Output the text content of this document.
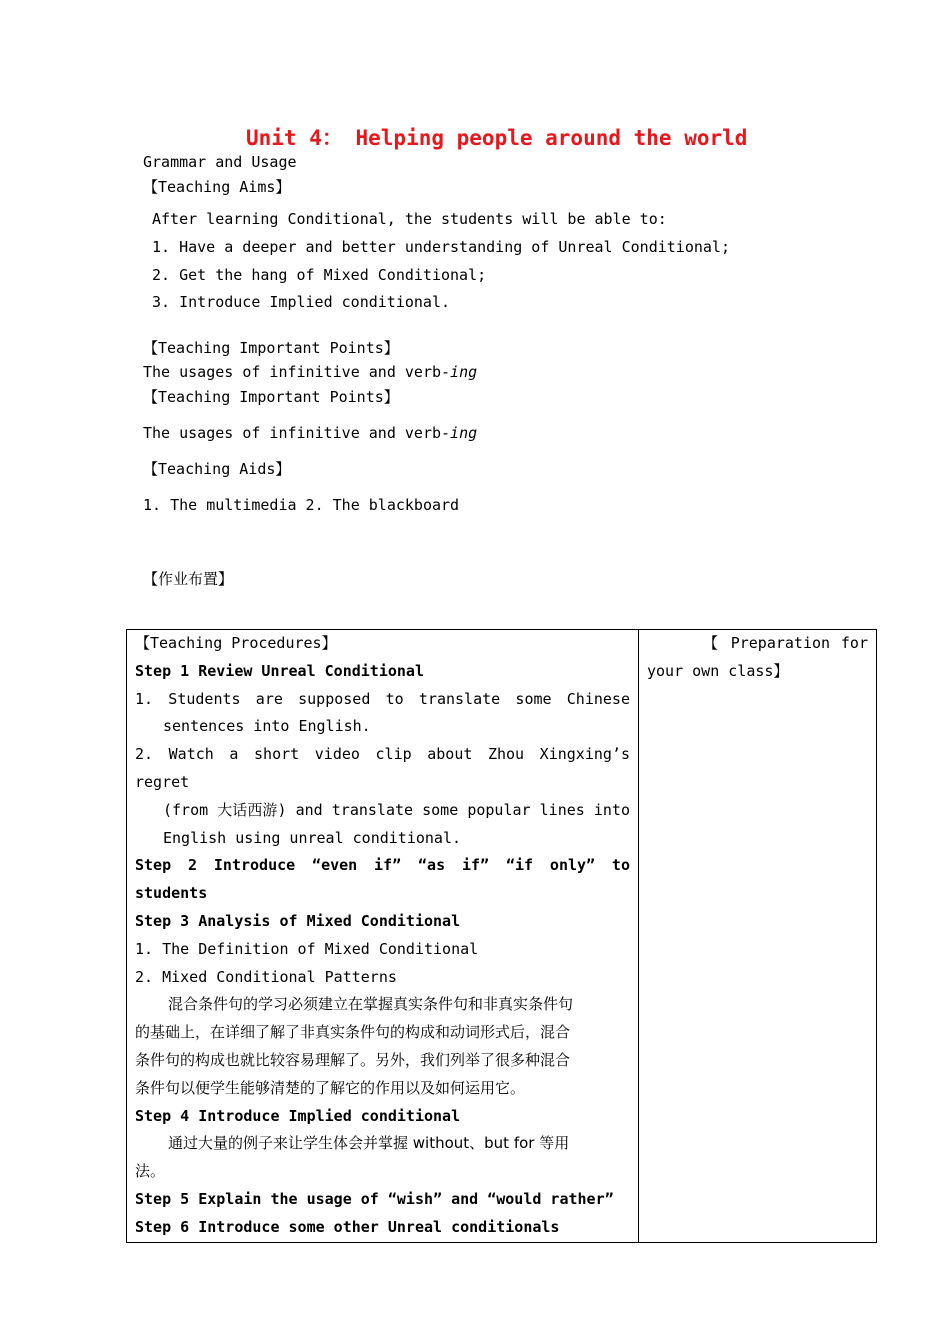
Unit 4： Helping people around the world
Grammar and Usage
【Teaching Aims】
After learning Conditional, the students will be able to:
1. Have a deeper and better understanding of Unreal Conditional;
2. Get the hang of Mixed Conditional;
3. Introduce Implied conditional.
【Teaching Important Points】
The usages of infinitive and verb-ing
【Teaching Important Points】
The usages of infinitive and verb-ing
【Teaching Aids】
1. The multimedia 2. The blackboard
【作业布置】
【Teaching Procedures】
Step 1 Review Unreal Conditional
1. Students are supposed to translate some Chinese
sentences into English.
2. Watch a short video clip about Zhou Xingxing’s regret
(from 大话西游) and translate some popular lines into
English using unreal conditional.
Step 2 Introduce “even if” “as if” “if only” to
students
Step 3 Analysis of Mixed Conditional
1. The Definition of Mixed Conditional
2. Mixed Conditional Patterns
混合条件句的学习必须建立在掌握真实条件句和非真实条件句
的基础上，在详细了解了非真实条件句的构成和动词形式后，混合
条件句的构成也就比较容易理解了。另外，我们列举了很多种混合
条件句以便学生能够清楚的了解它的作用以及如何运用它。
Step 4 Introduce Implied conditional
通过大量的例子来让学生体会并掌握 without、but for 等用
法。
Step 5 Explain the usage of “wish” and “would rather”
Step 6 Introduce some other Unreal conditionals

【 Preparation for
your own class】
